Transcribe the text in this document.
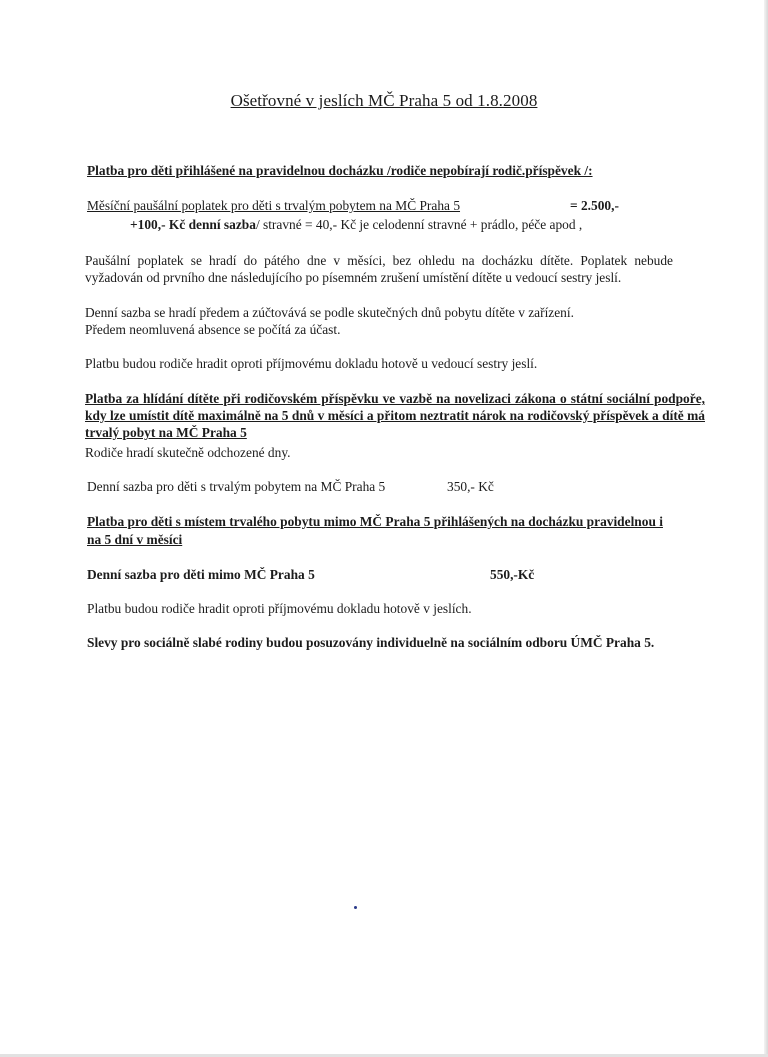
Ošetřovné v jeslích MČ Praha 5 od 1.8.2008
Platba pro děti přihlášené na pravidelnou docházku /rodiče nepobírají rodič.příspěvek /:
Měsíční paušální poplatek pro děti s trvalým pobytem na MČ Praha 5	= 2.500,-
+100,- Kč denní sazba/ stravné = 40,- Kč je celodenní stravné + prádlo, péče apod ,
Paušální poplatek se hradí do pátého dne v měsíci, bez ohledu na docházku dítěte. Poplatek nebude vyžadován od prvního dne následujícího po písemném zrušení umístění dítěte u vedoucí sestry jeslí.
Denní sazba se hradí předem a zúčtovává se podle skutečných dnů pobytu dítěte v zařízení.
Předem neomluvená absence se počítá za účast.
Platbu budou rodiče hradit oproti příjmovému dokladu hotově u vedoucí sestry jeslí.
Platba za hlídání dítěte při rodičovském příspěvku ve vazbě na novelizaci zákona o státní sociální podpoře, kdy lze umístit dítě maximálně na 5 dnů v měsíci a přitom neztratit nárok na rodičovský příspěvek a dítě má trvalý pobyt na MČ Praha 5
Rodiče hradí skutečně odchozené dny.
Denní sazba pro děti s trvalým pobytem na MČ Praha 5	350,- Kč
Platba pro děti s místem trvalého pobytu mimo MČ Praha 5 přihlášených na docházku pravidelnou i na 5 dní v měsíci
Denní sazba pro děti mimo MČ Praha 5	550,-Kč
Platbu budou rodiče hradit oproti příjmovému dokladu hotově v jeslích.
Slevy pro sociálně slabé rodiny budou posuzovány individuelně na sociálním odboru ÚMČ Praha 5.
